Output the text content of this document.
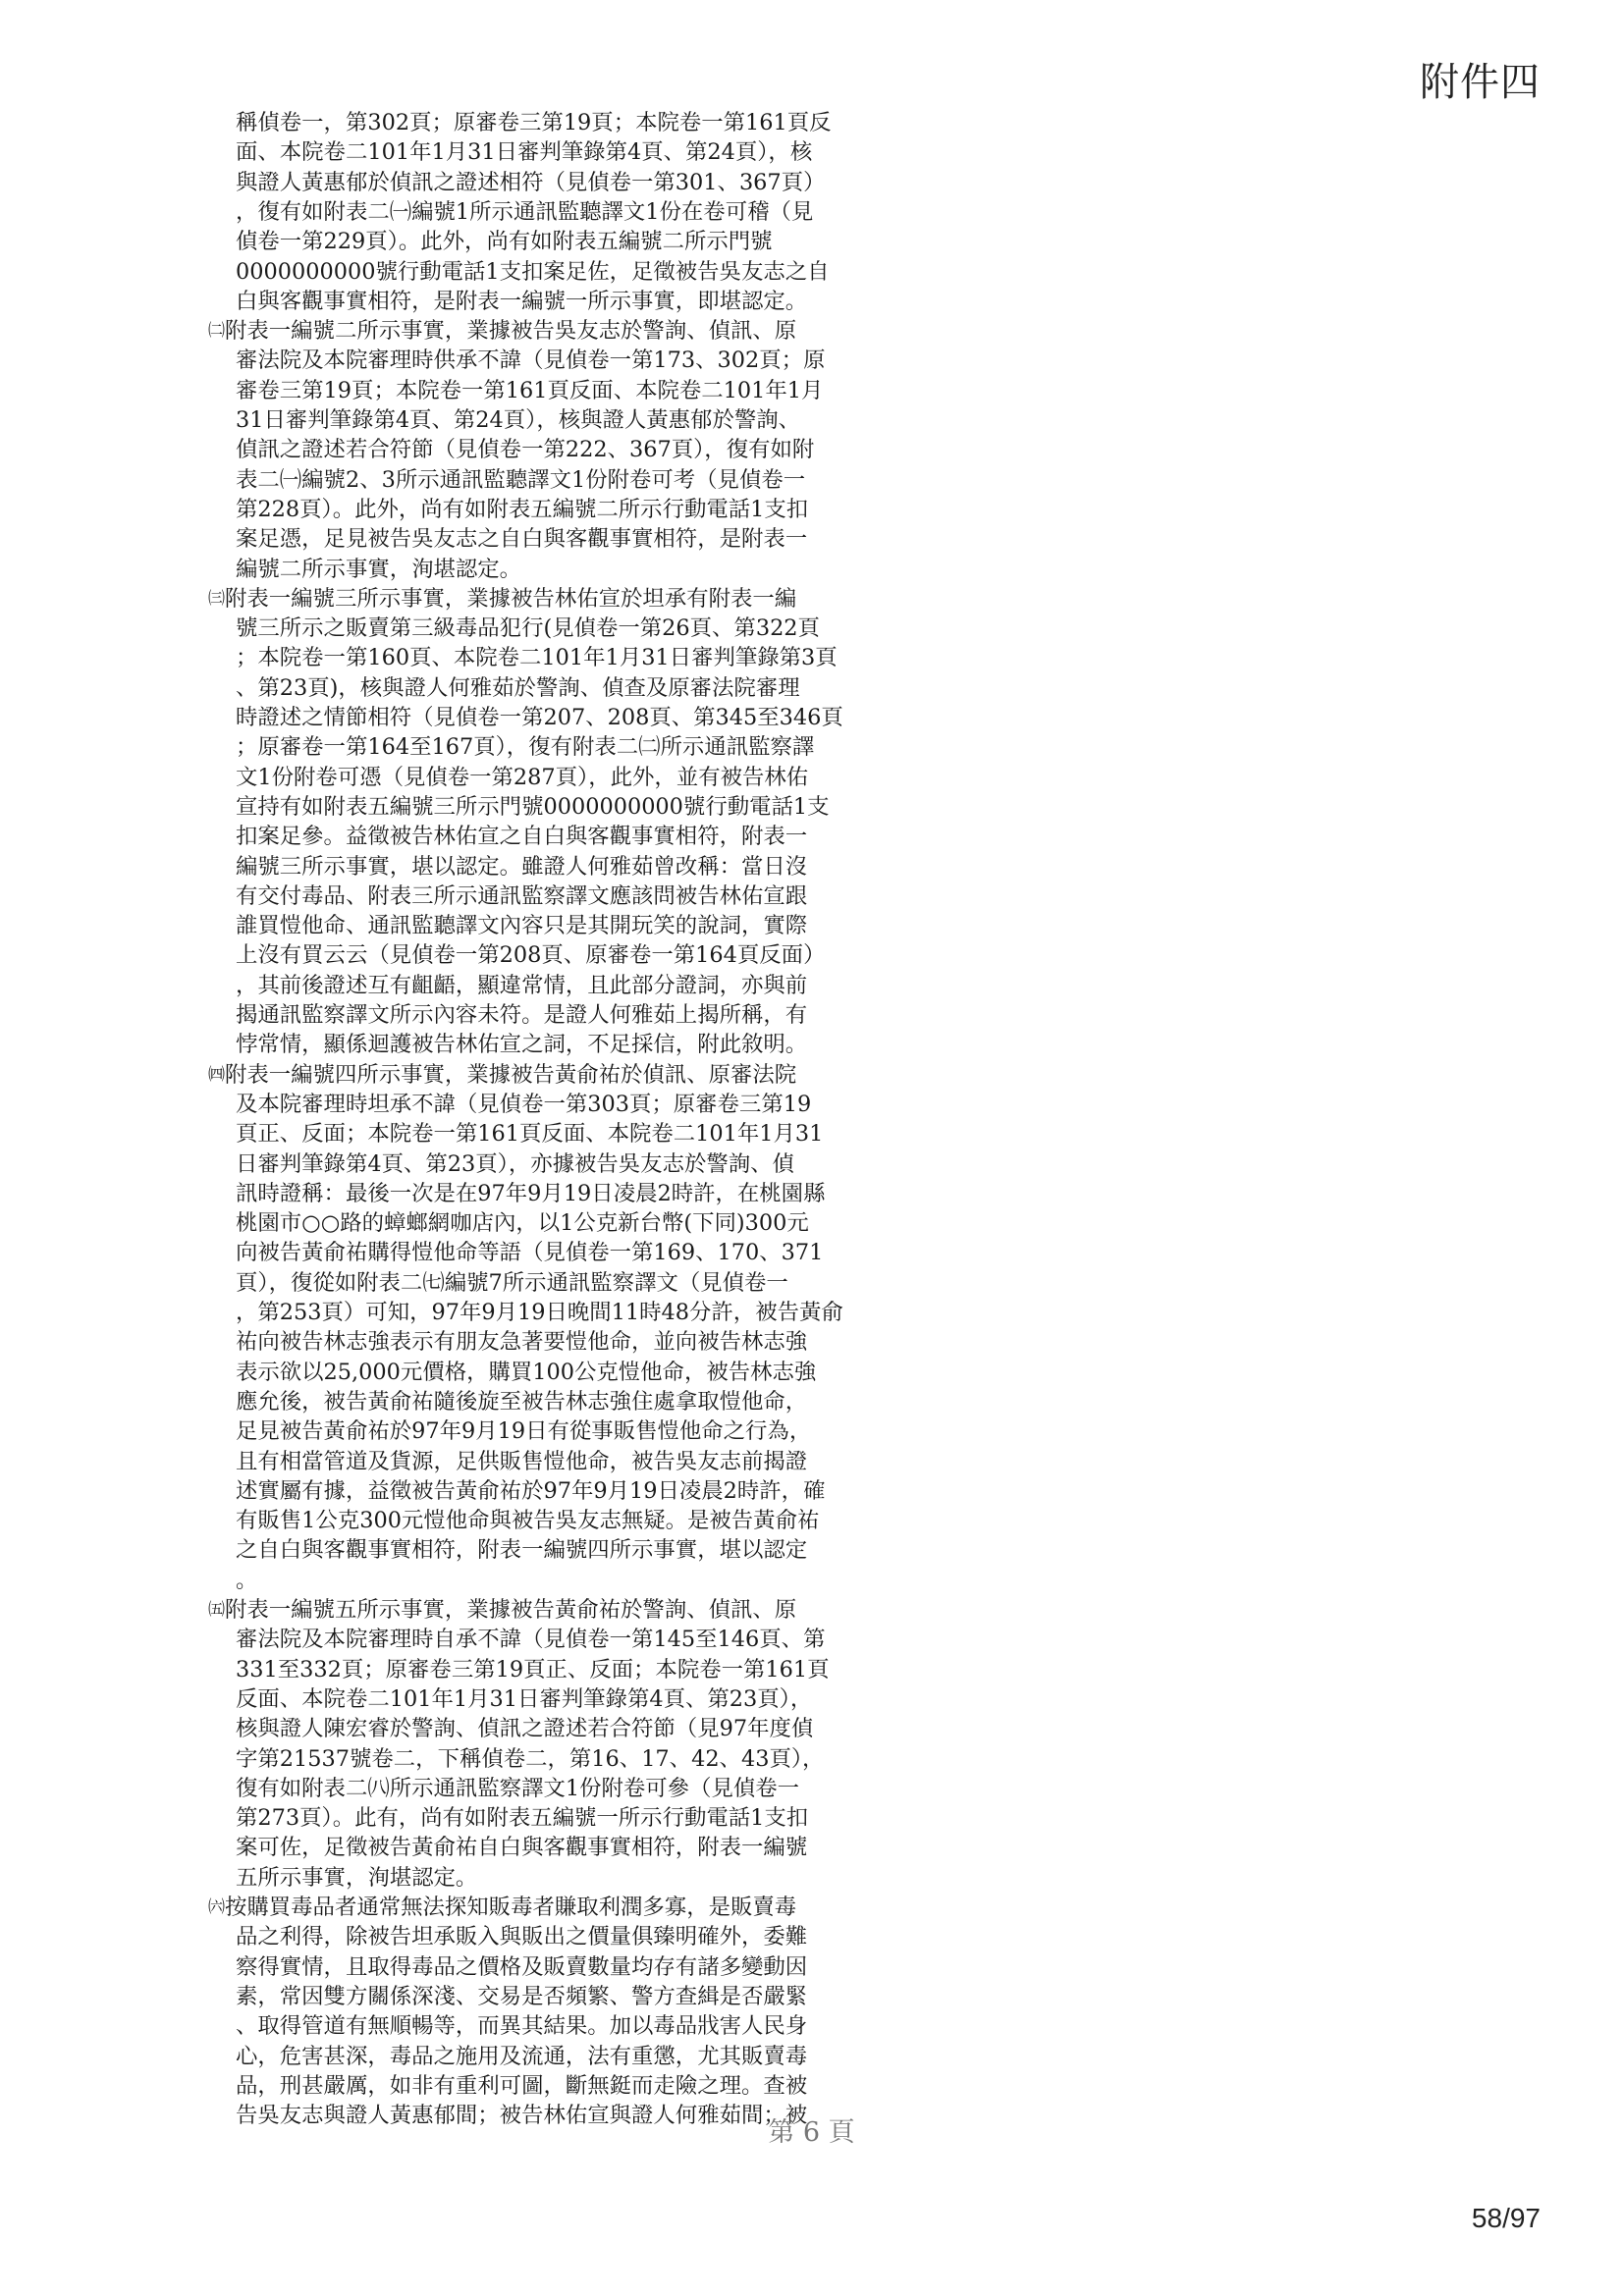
附件四
稱偵卷一，第302頁；原審卷三第19頁；本院卷一第161頁反
面、本院卷二101年1月31日審判筆錄第4頁、第24頁），核
與證人黃惠郁於偵訊之證述相符（見偵卷一第301、367頁）
，復有如附表二㈠編號1所示通訊監聽譯文1份在卷可稽（見
偵卷一第229頁）。此外，尚有如附表五編號二所示門號
0000000000號行動電話1支扣案足佐，足徵被告吳友志之自
白與客觀事實相符，是附表一編號一所示事實，即堪認定。
㈡附表一編號二所示事實，業據被告吳友志於警詢、偵訊、原
審法院及本院審理時供承不諱（見偵卷一第173、302頁；原
審卷三第19頁；本院卷一第161頁反面、本院卷二101年1月
31日審判筆錄第4頁、第24頁），核與證人黃惠郁於警詢、
偵訊之證述若合符節（見偵卷一第222、367頁），復有如附
表二㈠編號2、3所示通訊監聽譯文1份附卷可考（見偵卷一
第228頁）。此外，尚有如附表五編號二所示行動電話1支扣
案足憑，足見被告吳友志之自白與客觀事實相符，是附表一
編號二所示事實，洵堪認定。
㈢附表一編號三所示事實，業據被告林佑宣於坦承有附表一編
號三所示之販賣第三級毒品犯行(見偵卷一第26頁、第322頁
；本院卷一第160頁、本院卷二101年1月31日審判筆錄第3頁
、第23頁)，核與證人何雅茹於警詢、偵查及原審法院審理
時證述之情節相符（見偵卷一第207、208頁、第345至346頁
；原審卷一第164至167頁），復有附表二㈡所示通訊監察譯
文1份附卷可憑（見偵卷一第287頁），此外，並有被告林佑
宣持有如附表五編號三所示門號0000000000號行動電話1支
扣案足參。益徵被告林佑宣之自白與客觀事實相符，附表一
編號三所示事實，堪以認定。雖證人何雅茹曾改稱：當日沒
有交付毒品、附表三所示通訊監察譯文應該問被告林佑宣跟
誰買愷他命、通訊監聽譯文內容只是其開玩笑的說詞，實際
上沒有買云云（見偵卷一第208頁、原審卷一第164頁反面）
，其前後證述互有齟齬，顯違常情，且此部分證詞，亦與前
揭通訊監察譯文所示內容未符。是證人何雅茹上揭所稱，有
悖常情，顯係迴護被告林佑宣之詞，不足採信，附此敘明。
㈣附表一編號四所示事實，業據被告黃俞祐於偵訊、原審法院
及本院審理時坦承不諱（見偵卷一第303頁；原審卷三第19
頁正、反面；本院卷一第161頁反面、本院卷二101年1月31
日審判筆錄第4頁、第23頁），亦據被告吳友志於警詢、偵
訊時證稱：最後一次是在97年9月19日凌晨2時許，在桃園縣
桃園市○○路的蟑螂網咖店內，以1公克新台幣(下同)300元
向被告黃俞祐購得愷他命等語（見偵卷一第169、170、371
頁），復從如附表二㈦編號7所示通訊監察譯文（見偵卷一
，第253頁）可知，97年9月19日晚間11時48分許，被告黃俞
祐向被告林志強表示有朋友急著要愷他命，並向被告林志強
表示欲以25,000元價格，購買100公克愷他命，被告林志強
應允後，被告黃俞祐隨後旋至被告林志強住處拿取愷他命，
足見被告黃俞祐於97年9月19日有從事販售愷他命之行為，
且有相當管道及貨源，足供販售愷他命，被告吳友志前揭證
述實屬有據，益徵被告黃俞祐於97年9月19日凌晨2時許，確
有販售1公克300元愷他命與被告吳友志無疑。是被告黃俞祐
之自白與客觀事實相符，附表一編號四所示事實，堪以認定
。
㈤附表一編號五所示事實，業據被告黃俞祐於警詢、偵訊、原
審法院及本院審理時自承不諱（見偵卷一第145至146頁、第
331至332頁；原審卷三第19頁正、反面；本院卷一第161頁
反面、本院卷二101年1月31日審判筆錄第4頁、第23頁），
核與證人陳宏睿於警詢、偵訊之證述若合符節（見97年度偵
字第21537號卷二，下稱偵卷二，第16、17、42、43頁），
復有如附表二㈧所示通訊監察譯文1份附卷可參（見偵卷一
第273頁）。此有，尚有如附表五編號一所示行動電話1支扣
案可佐，足徵被告黃俞祐自白與客觀事實相符，附表一編號
五所示事實，洵堪認定。
㈥按購買毒品者通常無法探知販毒者賺取利潤多寡，是販賣毒
品之利得，除被告坦承販入與販出之價量俱臻明確外，委難
察得實情，且取得毒品之價格及販賣數量均存有諸多變動因
素，常因雙方關係深淺、交易是否頻繁、警方查緝是否嚴緊
、取得管道有無順暢等，而異其結果。加以毒品戕害人民身
心，危害甚深，毒品之施用及流通，法有重懲，尤其販賣毒
品，刑甚嚴厲，如非有重利可圖，斷無鋌而走險之理。查被
告吳友志與證人黃惠郁間；被告林佑宣與證人何雅茹間；被
第 6 頁
58/97
